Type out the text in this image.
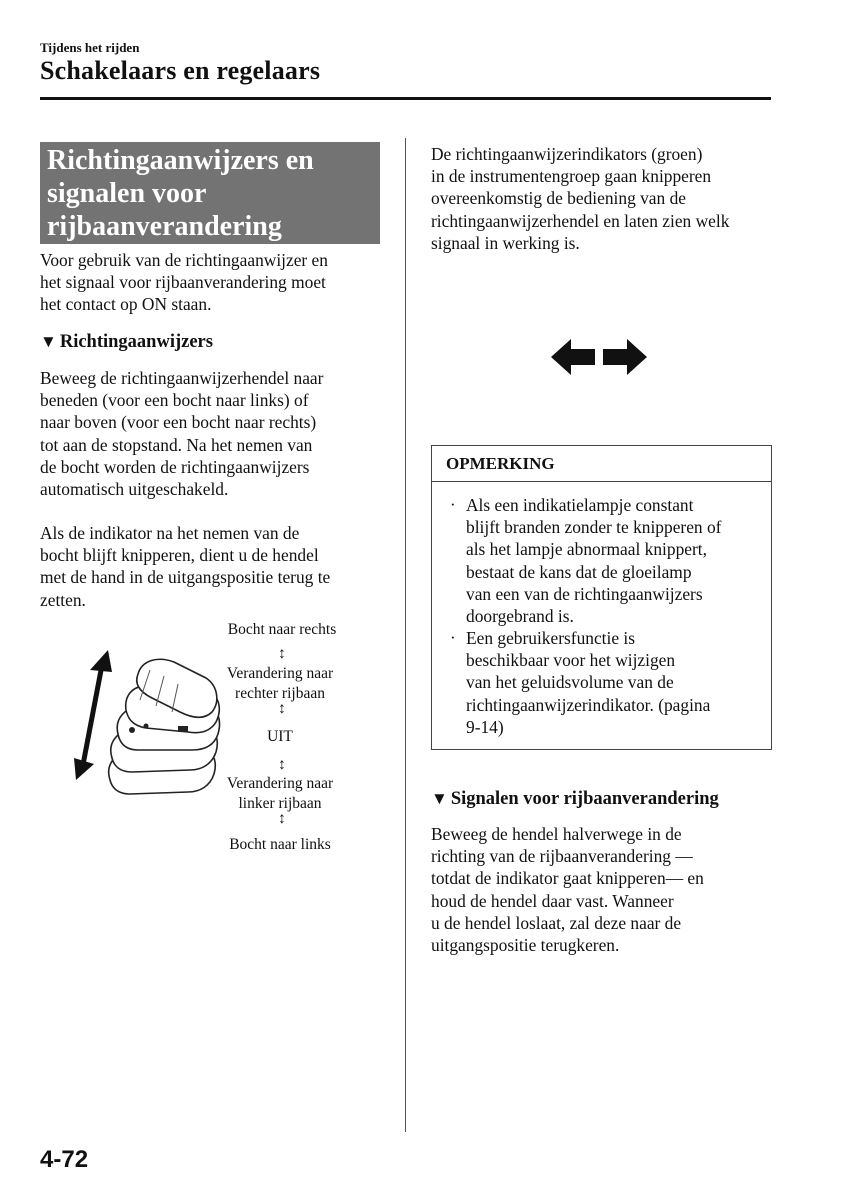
Tijdens het rijden
Schakelaars en regelaars
Richtingaanwijzers en
signalen voor
rijbaanverandering
Voor gebruik van de richtingaanwijzer en
het signaal voor rijbaanverandering moet
het contact op ON staan.
▼ Richtingaanwijzers
Beweeg de richtingaanwijzerhendel naar
beneden (voor een bocht naar links) of
naar boven (voor een bocht naar rechts)
tot aan de stopstand. Na het nemen van
de bocht worden de richtingaanwijzers
automatisch uitgeschakeld.
Als de indikator na het nemen van de
bocht blijft knipperen, dient u de hendel
met de hand in de uitgangspositie terug te
zetten.
Bocht naar rechts
↕
Verandering naar
rechter rijbaan
↕
UIT
↕
Verandering naar
linker rijbaan
↕
Bocht naar links
De richtingaanwijzerindikators (groen)
in de instrumentengroep gaan knipperen
overeenkomstig de bediening van de
richtingaanwijzerhendel en laten zien welk
signaal in werking is.
OPMERKING
· Als een indikatielampje constant
blijft branden zonder te knipperen of
als het lampje abnormaal knippert,
bestaat de kans dat de gloeilamp
van een van de richtingaanwijzers
doorgebrand is.
· Een gebruikersfunctie is
beschikbaar voor het wijzigen
van het geluidsvolume van de
richtingaanwijzerindikator. (pagina
9-14)
▼ Signalen voor rijbaanverandering
Beweeg de hendel halverwege in de
richting van de rijbaanverandering —
totdat de indikator gaat knipperen— en
houd de hendel daar vast. Wanneer
u de hendel loslaat, zal deze naar de
uitgangspositie terugkeren.
4-72
